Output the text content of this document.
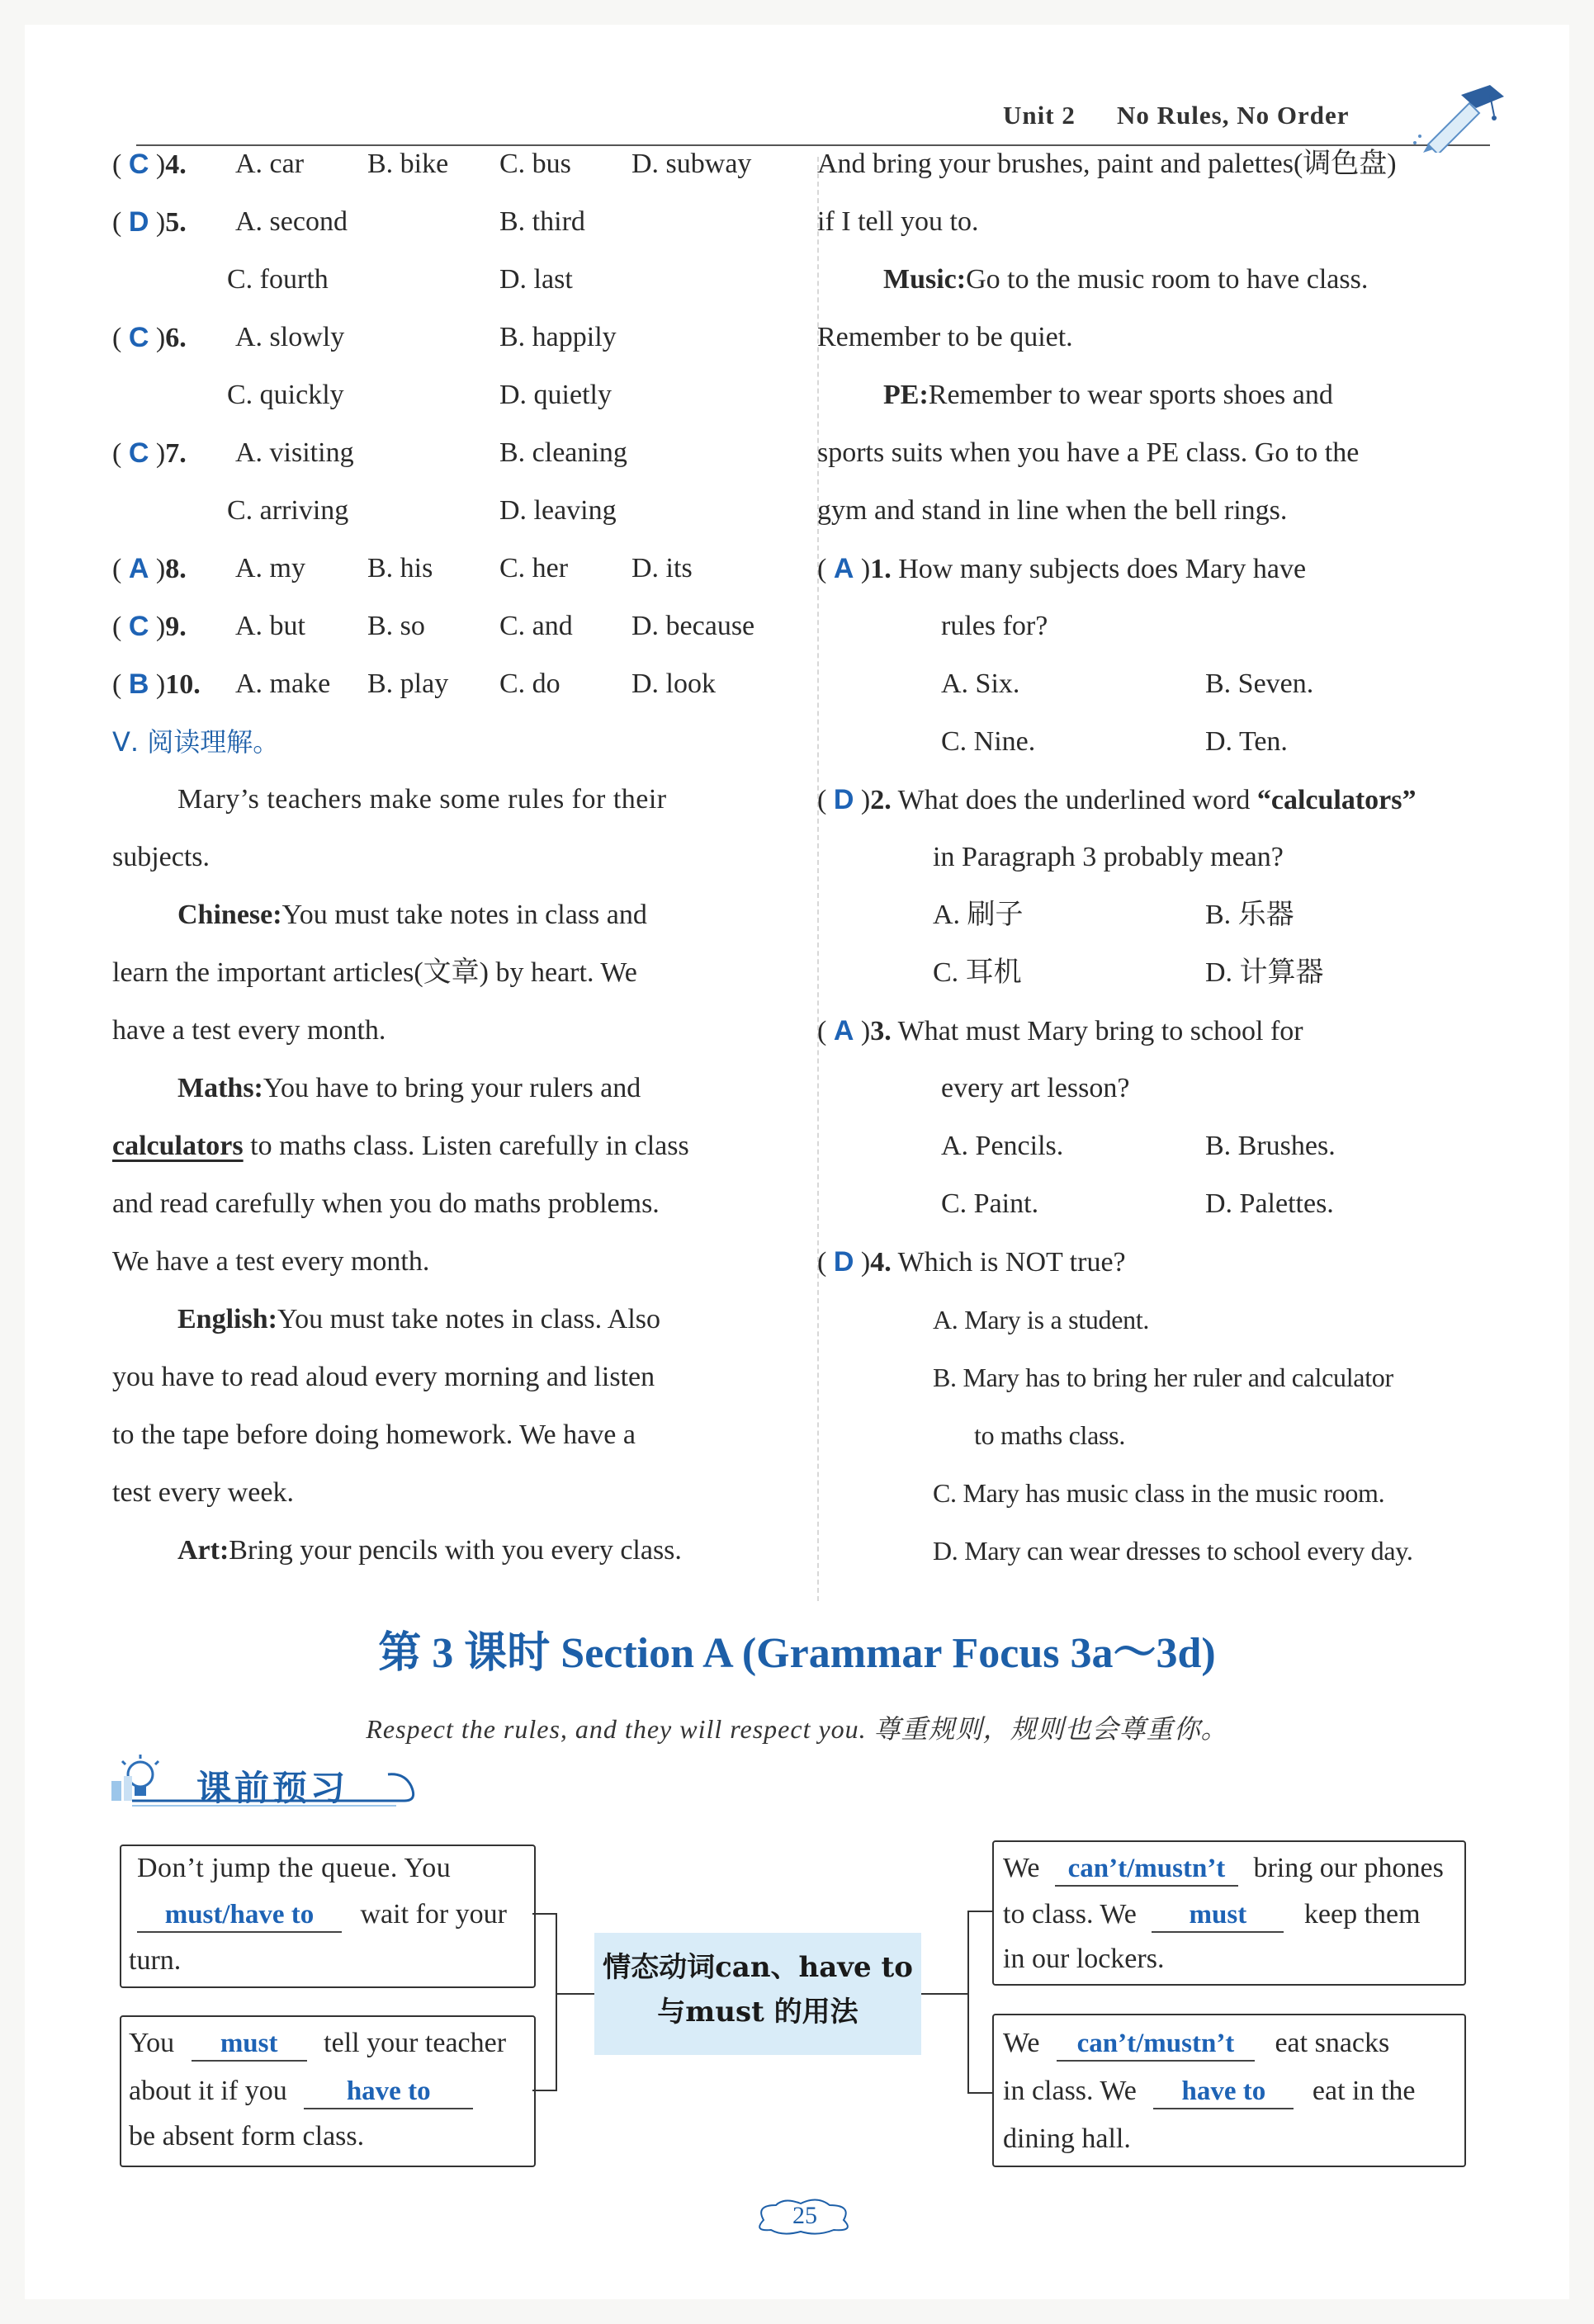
Unit 2 No Rules, No Order
( C )4. A. car B. bike C. bus D. subway
( D )5. A. second	B. third
C. fourth	D. last
( C )6. A. slowly	B. happily
C. quickly	D. quietly
( C )7. A. visiting	B. cleaning
C. arriving	D. leaving
( A )8. A. my B. his C. her D. its
( C )9. A. but B. so	C. and D. because
( B )10. A. make B. play C. do	D. look
Ⅴ. 阅读理解。
Mary’s teachers make some rules for their
subjects.
Chinese:You must take notes in class and
learn the important articles(文章) by heart. We
have a test every month.
Maths:You have to bring your rulers and
calculators to maths class. Listen carefully in class
and read carefully when you do maths problems.
We have a test every month.
English:You must take notes in class. Also
you have to read aloud every morning and listen
to the tape before doing homework. We have a
test every week.
Art:Bring your pencils with you every class.
And bring your brushes, paint and palettes(调色盘)
if I tell you to.
Music:Go to the music room to have class.
Remember to be quiet.
PE:Remember to wear sports shoes and
sports suits when you have a PE class. Go to the
gym and stand in line when the bell rings.
( A )1. How many subjects does Mary have
rules for?
A. Six.	B. Seven.
C. Nine.	D. Ten.
( D )2. What does the underlined word “calculators”
in Paragraph 3 probably mean?
A. 刷子	B. 乐器
C. 耳机	D. 计算器
( A )3. What must Mary bring to school for
every art lesson?
A. Pencils.	B. Brushes.
C. Paint.	D. Palettes.
( D )4. Which is NOT true?
A. Mary is a student.
B. Mary has to bring her ruler and calculator
to maths class.
C. Mary has music class in the music room.
D. Mary can wear dresses to school every day.
第 3 课时 Section A (Grammar Focus 3a～3d)
Respect the rules, and they will respect you. 尊重规则，规则也会尊重你。
课前预习
Don’t jump the queue. You
must/have to wait for your
turn.
You must tell your teacher
about it if you have to
be absent form class.
We can’t/mustn’t bring our phones
to class. We must keep them
in our lockers.
We can’t/mustn’t eat snacks
in class. We have to eat in the
dining hall.
情态动词can、have to
与must 的用法
25
